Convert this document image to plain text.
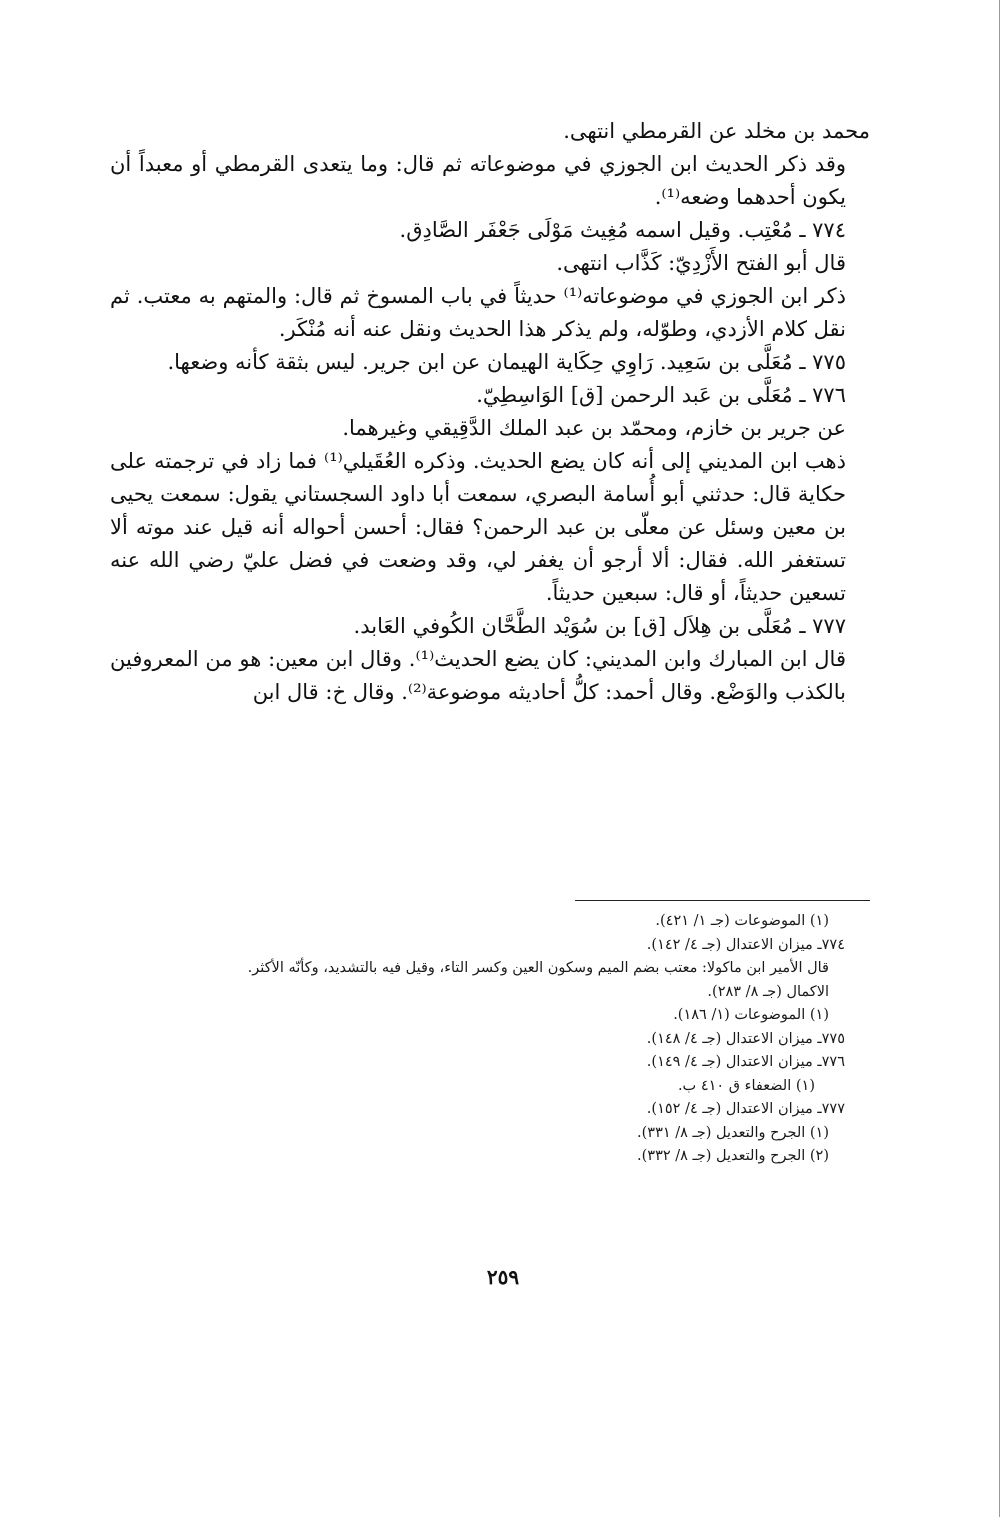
محمد بن مخلد عن القرمطي انتهى.

وقد ذكر الحديث ابن الجوزي في موضوعاته ثم قال: وما يتعدى القرمطي أو معبداً أن يكون أحدهما وضعه⁽¹⁾.

٧٧٤ ـ مُعْتِب. وقيل اسمه مُغِيث مَوْلَى جَعْفَر الصَّادِق.

قال أبو الفتح الأَزْدِيّ: كَذَّاب انتهى.

ذكر ابن الجوزي في موضوعاته⁽¹⁾ حديثاً في باب المسوخ ثم قال: والمتهم به معتب. ثم نقل كلام الأزدي، وطوّله، ولم يذكر هذا الحديث ونقل عنه أنه مُنْكَر.

٧٧٥ ـ مُعَلَّى بن سَعِيد. رَاوِي حِكَاية الهيمان عن ابن جرير. ليس بثقة كأنه وضعها.

٧٧٦ ـ مُعَلَّى بن عَبد الرحمن [ق] الوَاسِطِيّ.

عن جرير بن خازم، ومحمّد بن عبد الملك الدَّقِيقي وغيرهما.

ذهب ابن المديني إلى أنه كان يضع الحديث. وذكره العُقَيلي⁽¹⁾ فما زاد في ترجمته على حكاية قال: حدثني أبو أُسامة البصري، سمعت أبا داود السجستاني يقول: سمعت يحيى بن معين وسئل عن معلّى بن عبد الرحمن؟ فقال: أحسن أحواله أنه قيل عند موته ألا تستغفر الله. فقال: ألا أرجو أن يغفر لي، وقد وضعت في فضل عليّ رضي الله عنه تسعين حديثاً، أو قال: سبعين حديثاً.

٧٧٧ ـ مُعَلَّى بن هِلاَل [ق] بن سُوَيْد الطَّحَّان الكُوفي العَابد.

قال ابن المبارك وابن المديني: كان يضع الحديث⁽¹⁾. وقال ابن معين: هو من المعروفين بالكذب والوَضْع. وقال أحمد: كلُّ أحاديثه موضوعة⁽²⁾. وقال خ: قال ابن

(١) الموضوعات (جـ ١/ ٤٢١).
٧٧٤ـ ميزان الاعتدال (جـ ٤/ ١٤٢).
قال الأمير ابن ماكولا: معتب بضم الميم وسكون العين وكسر التاء، وقيل فيه بالتشديد، وكأنّه الأكثر.
الاكمال (جـ ٨/ ٢٨٣).
(١) الموضوعات (١/ ١٨٦).
٧٧٥ـ ميزان الاعتدال (جـ ٤/ ١٤٨).
٧٧٦ـ ميزان الاعتدال (جـ ٤/ ١٤٩).
(١) الضعفاء ق ٤١٠ ب.
٧٧٧ـ ميزان الاعتدال (جـ ٤/ ١٥٢).
(١) الجرح والتعديل (جـ ٨/ ٣٣١).
(٢) الجرح والتعديل (جـ ٨/ ٣٣٢).
٢٥٩
